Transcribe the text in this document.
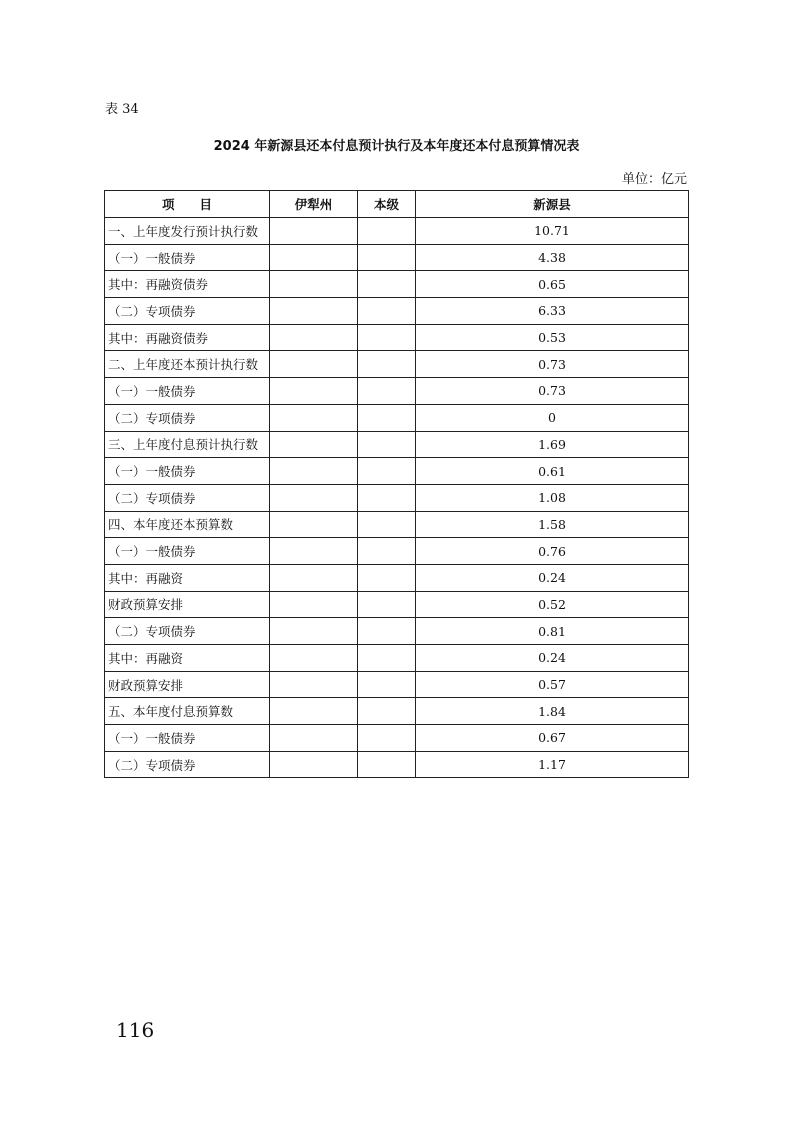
表 34
2024 年新源县还本付息预计执行及本年度还本付息预算情况表
单位：亿元
项　　目	伊犁州	本级	新源县
一、上年度发行预计执行数			10.71
（一）一般债券			4.38
其中：再融资债券			0.65
（二）专项债券			6.33
其中：再融资债券			0.53
二、上年度还本预计执行数			0.73
（一）一般债券			0.73
（二）专项债券			0
三、上年度付息预计执行数			1.69
（一）一般债券			0.61
（二）专项债券			1.08
四、本年度还本预算数			1.58
（一）一般债券			0.76
其中：再融资			0.24
财政预算安排			0.52
（二）专项债券			0.81
其中：再融资			0.24
财政预算安排			0.57
五、本年度付息预算数			1.84
（一）一般债券			0.67
（二）专项债券			1.17
116
